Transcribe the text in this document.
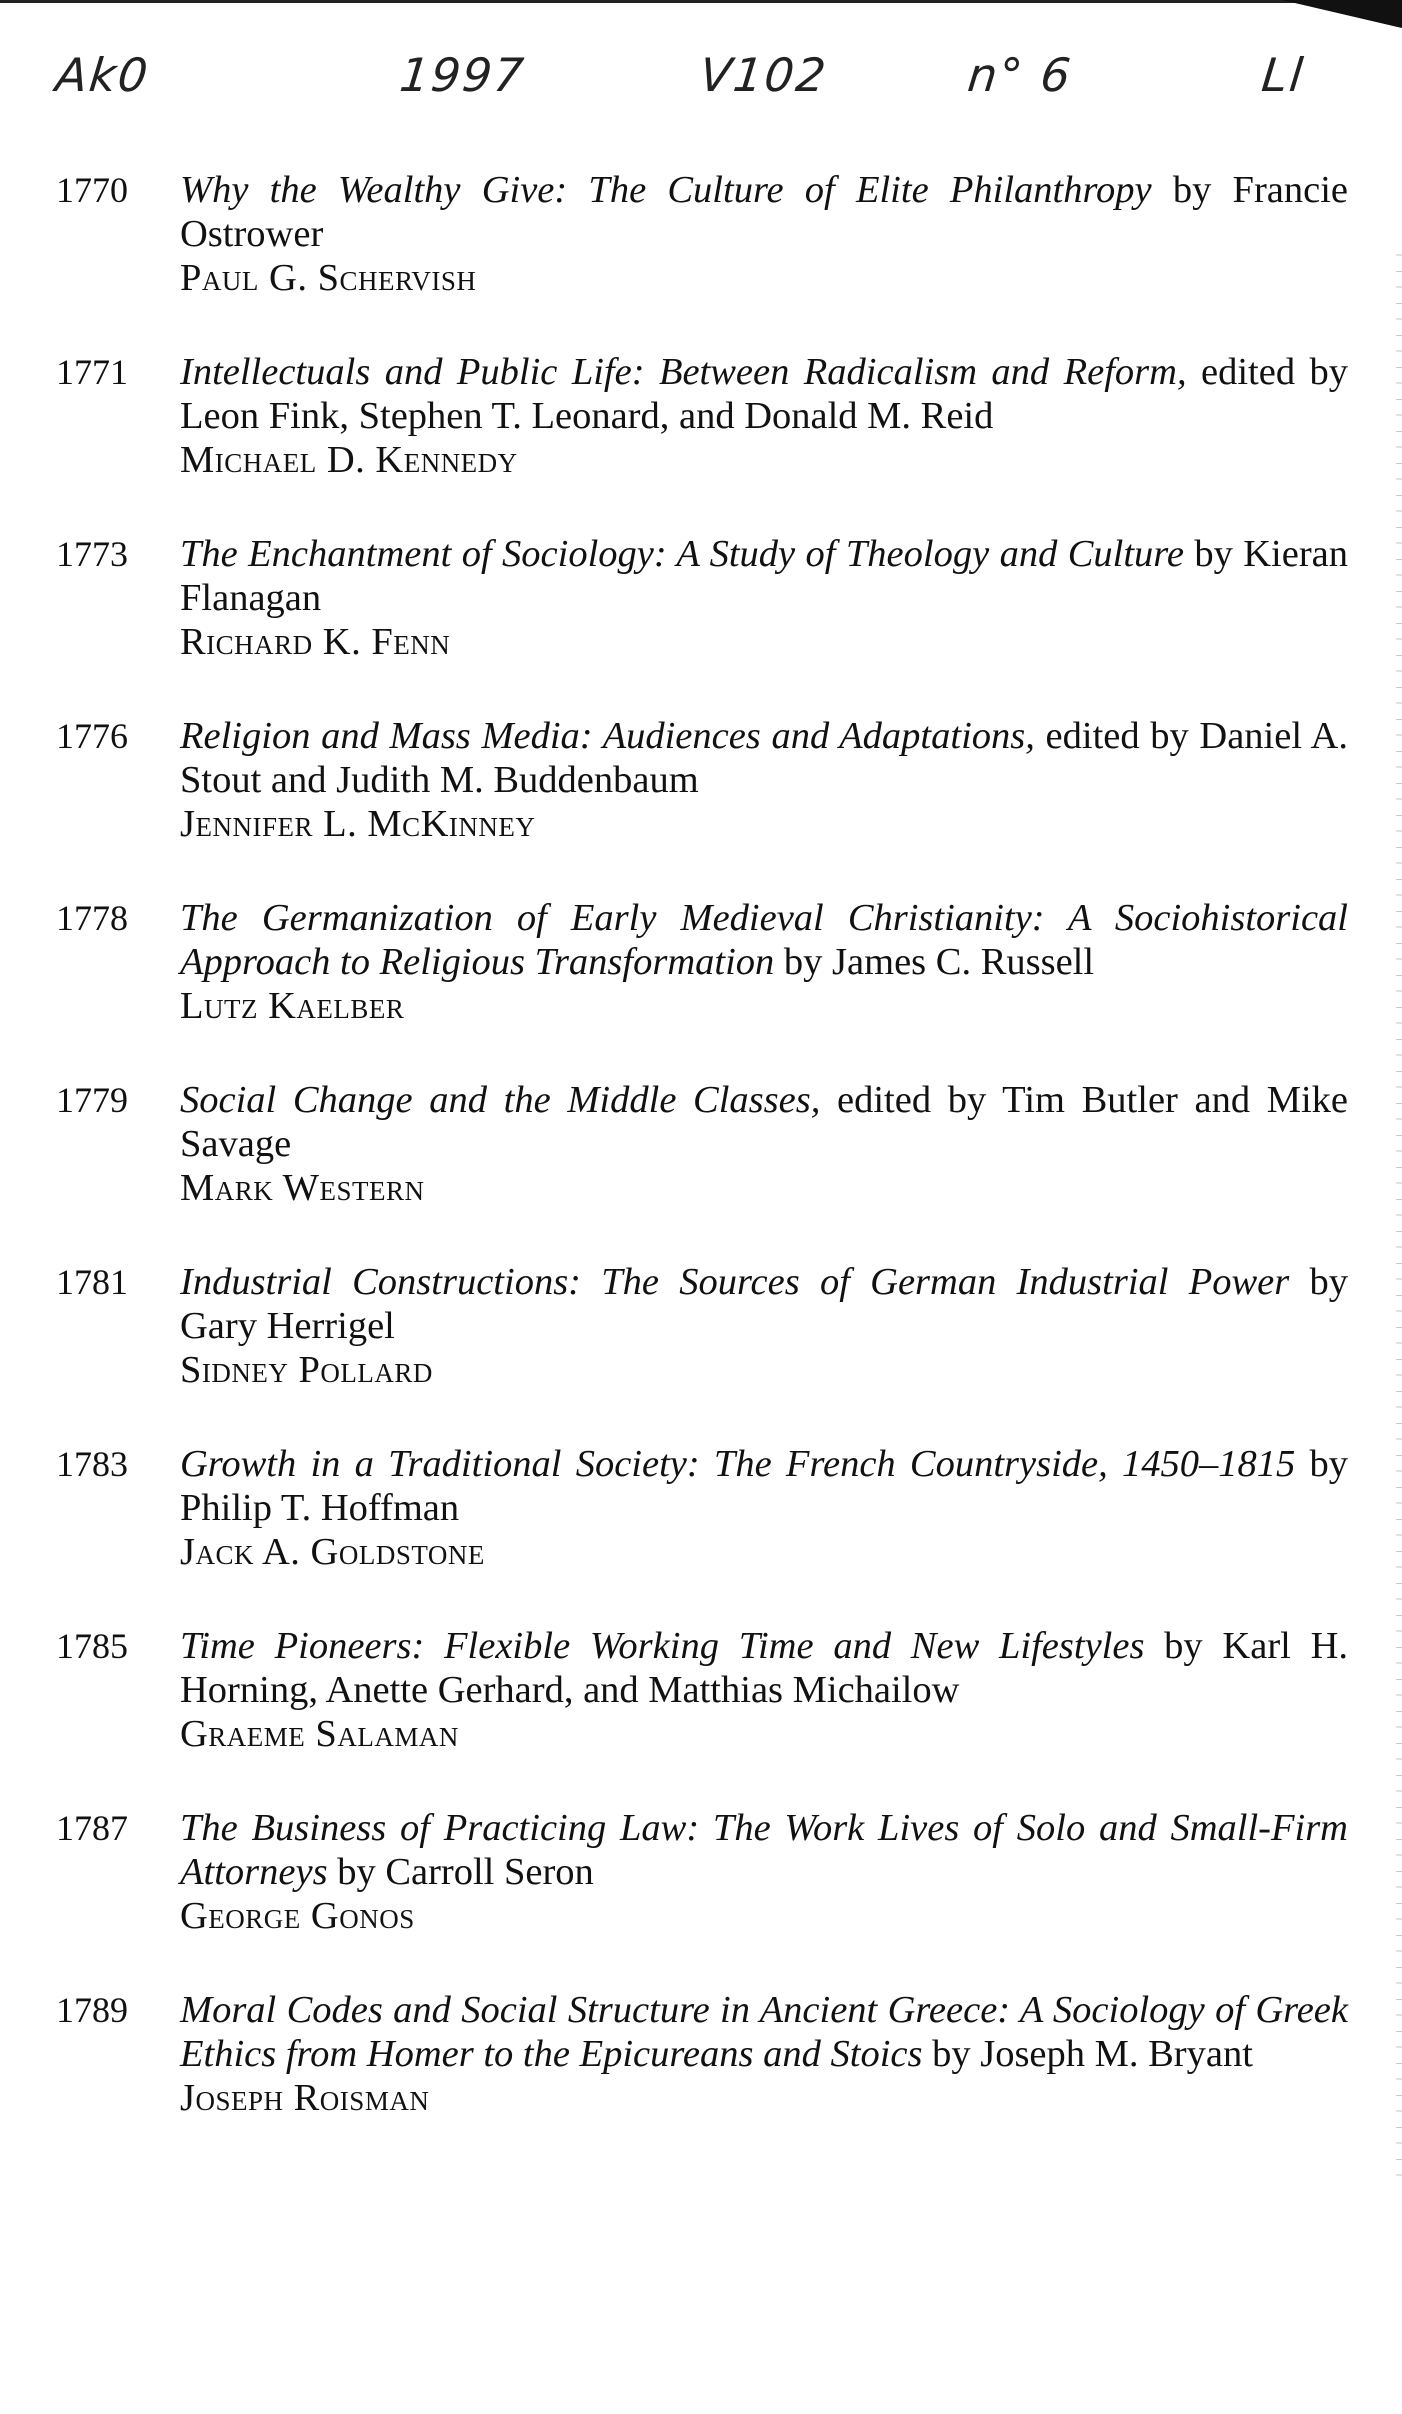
Ak0	1997	V102	n° 6	Ll
1770	Why the Wealthy Give: The Culture of Elite Philanthropy by Francie Ostrower
Paul G. Schervish
1771	Intellectuals and Public Life: Between Radicalism and Reform, edited by Leon Fink, Stephen T. Leonard, and Donald M. Reid
Michael D. Kennedy
1773	The Enchantment of Sociology: A Study of Theology and Culture by Kieran Flanagan
Richard K. Fenn
1776	Religion and Mass Media: Audiences and Adaptations, edited by Daniel A. Stout and Judith M. Buddenbaum
Jennifer L. McKinney
1778	The Germanization of Early Medieval Christianity: A Sociohistorical Approach to Religious Transformation by James C. Russell
Lutz Kaelber
1779	Social Change and the Middle Classes, edited by Tim Butler and Mike Savage
Mark Western
1781	Industrial Constructions: The Sources of German Industrial Power by Gary Herrigel
Sidney Pollard
1783	Growth in a Traditional Society: The French Countryside, 1450–1815 by Philip T. Hoffman
Jack A. Goldstone
1785	Time Pioneers: Flexible Working Time and New Lifestyles by Karl H. Horning, Anette Gerhard, and Matthias Michailow
Graeme Salaman
1787	The Business of Practicing Law: The Work Lives of Solo and Small-Firm Attorneys by Carroll Seron
George Gonos
1789	Moral Codes and Social Structure in Ancient Greece: A Sociology of Greek Ethics from Homer to the Epicureans and Stoics by Joseph M. Bryant
Joseph Roisman
